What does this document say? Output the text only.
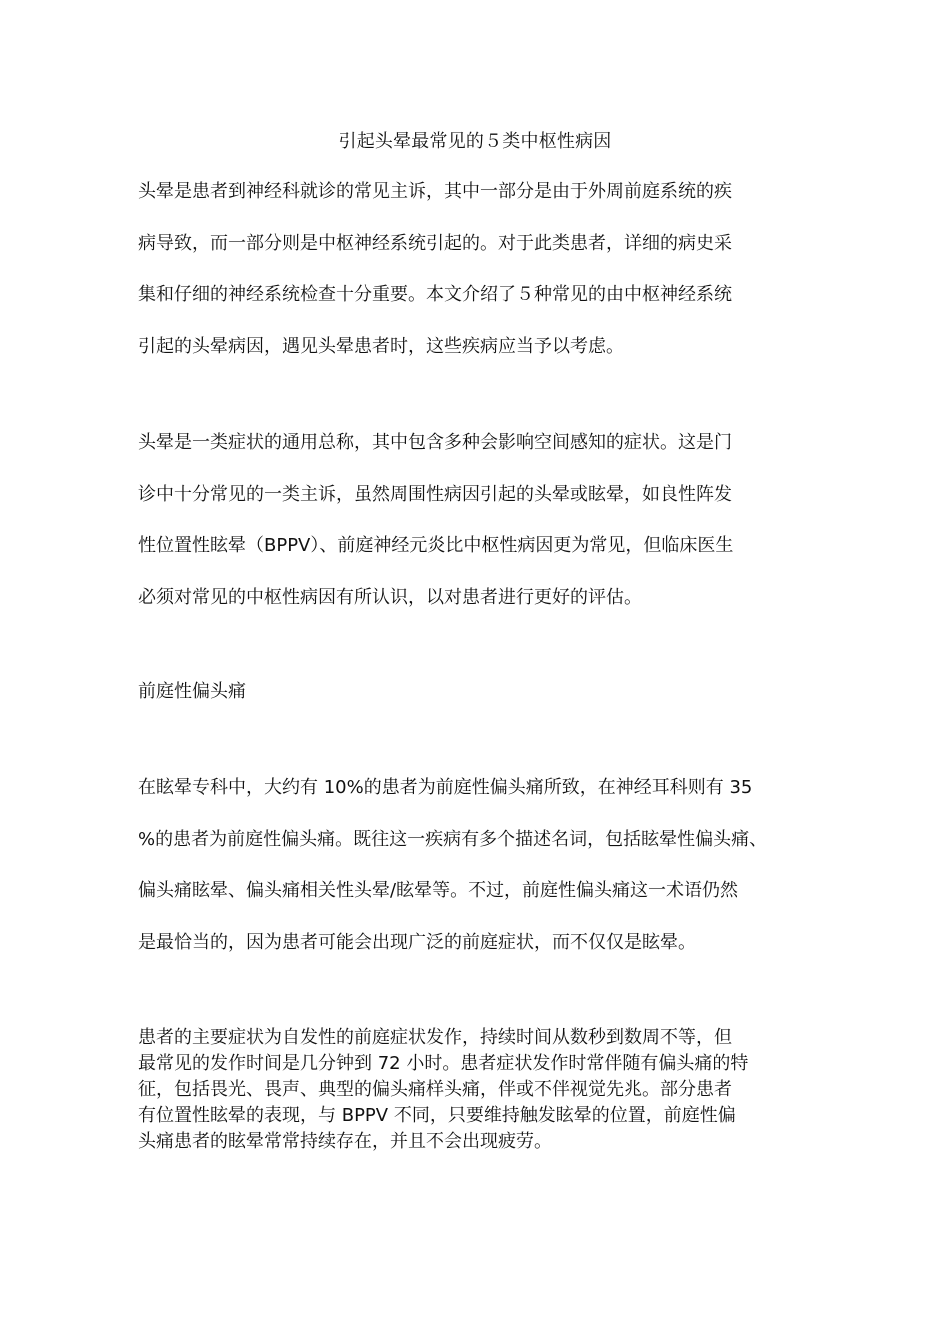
引起头晕最常见的５类中枢性病因

头晕是患者到神经科就诊的常见主诉，其中一部分是由于外周前庭系统的疾
病导致，而一部分则是中枢神经系统引起的。对于此类患者，详细的病史采
集和仔细的神经系统检查十分重要。本文介绍了５种常见的由中枢神经系统
引起的头晕病因，遇见头晕患者时，这些疾病应当予以考虑。

头晕是一类症状的通用总称，其中包含多种会影响空间感知的症状。这是门
诊中十分常见的一类主诉，虽然周围性病因引起的头晕或眩晕，如良性阵发
性位置性眩晕（BPPV）、前庭神经元炎比中枢性病因更为常见，但临床医生
必须对常见的中枢性病因有所认识，以对患者进行更好的评估。

前庭性偏头痛

在眩晕专科中，大约有 10%的患者为前庭性偏头痛所致，在神经耳科则有 35
%的患者为前庭性偏头痛。既往这一疾病有多个描述名词，包括眩晕性偏头痛、
偏头痛眩晕、偏头痛相关性头晕/眩晕等。不过，前庭性偏头痛这一术语仍然
是最恰当的，因为患者可能会出现广泛的前庭症状，而不仅仅是眩晕。

患者的主要症状为自发性的前庭症状发作，持续时间从数秒到数周不等，但
最常见的发作时间是几分钟到 72 小时。患者症状发作时常伴随有偏头痛的特
征，包括畏光、畏声、典型的偏头痛样头痛，伴或不伴视觉先兆。部分患者
有位置性眩晕的表现，与 BPPV 不同，只要维持触发眩晕的位置，前庭性偏
头痛患者的眩晕常常持续存在，并且不会出现疲劳。
